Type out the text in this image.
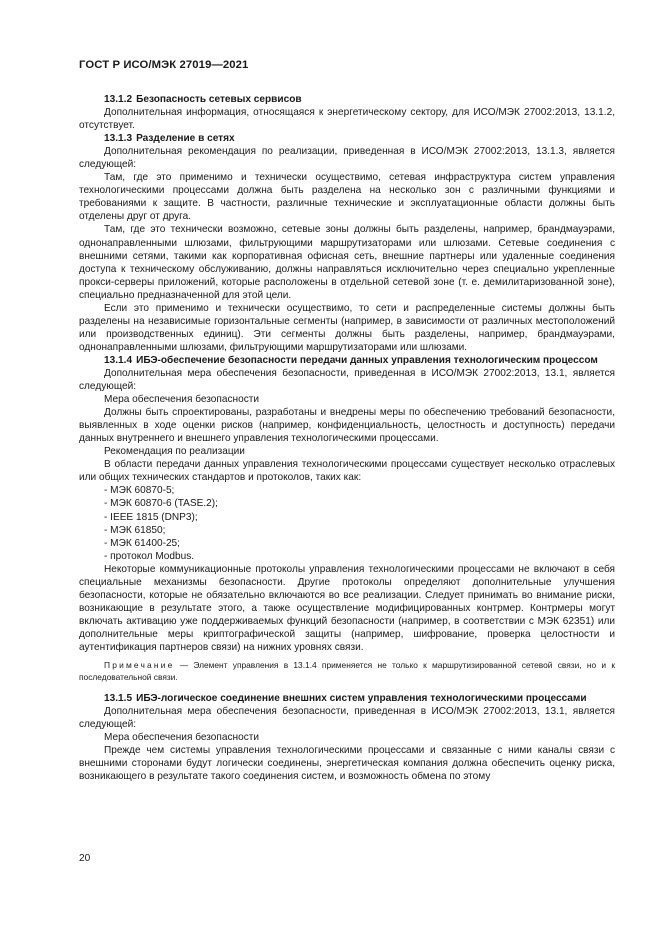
ГОСТ Р ИСО/МЭК 27019—2021

13.1.2 Безопасность сетевых сервисов

Дополнительная информация, относящаяся к энергетическому сектору, для ИСО/МЭК 27002:2013, 13.1.2, отсутствует.

13.1.3 Разделение в сетях

Дополнительная рекомендация по реализации, приведенная в ИСО/МЭК 27002:2013, 13.1.3, является следующей:

Там, где это применимо и технически осуществимо, сетевая инфраструктура систем управления технологическими процессами должна быть разделена на несколько зон с различными функциями и требованиями к защите. В частности, различные технические и эксплуатационные области должны быть отделены друг от друга.

Там, где это технически возможно, сетевые зоны должны быть разделены, например, брандмауэрами, однонаправленными шлюзами, фильтрующими маршрутизаторами или шлюзами. Сетевые соединения с внешними сетями, такими как корпоративная офисная сеть, внешние партнеры или удаленные соединения доступа к техническому обслуживанию, должны направляться исключительно через специально укрепленные прокси-серверы приложений, которые расположены в отдельной сетевой зоне (т. е. демилитаризованной зоне), специально предназначенной для этой цели.

Если это применимо и технически осуществимо, то сети и распределенные системы должны быть разделены на независимые горизонтальные сегменты (например, в зависимости от различных местоположений или производственных единиц). Эти сегменты должны быть разделены, например, брандмауэрами, однонаправленными шлюзами, фильтрующими маршрутизаторами или шлюзами.

13.1.4 ИБЭ-обеспечение безопасности передачи данных управления технологическим процессом

Дополнительная мера обеспечения безопасности, приведенная в ИСО/МЭК 27002:2013, 13.1, является следующей:

Мера обеспечения безопасности

Должны быть спроектированы, разработаны и внедрены меры по обеспечению требований безопасности, выявленных в ходе оценки рисков (например, конфиденциальность, целостность и доступность) передачи данных внутреннего и внешнего управления технологическими процессами.

Рекомендация по реализации

В области передачи данных управления технологическими процессами существует несколько отраслевых или общих технических стандартов и протоколов, таких как:

- МЭК 60870-5;

- МЭК 60870-6 (TASE.2);

- IEEE 1815 (DNP3);

- МЭК 61850;

- МЭК 61400-25;

- протокол Modbus.

Некоторые коммуникационные протоколы управления технологическими процессами не включают в себя специальные механизмы безопасности. Другие протоколы определяют дополнительные улучшения безопасности, которые не обязательно включаются во все реализации. Следует принимать во внимание риски, возникающие в результате этого, а также осуществление модифицированных контрмер. Контрмеры могут включать активацию уже поддерживаемых функций безопасности (например, в соответствии с МЭК 62351) или дополнительные меры криптографической защиты (например, шифрование, проверка целостности и аутентификация партнеров связи) на нижних уровнях связи.

Примечание — Элемент управления в 13.1.4 применяется не только к маршрутизированной сетевой связи, но и к последовательной связи.

13.1.5 ИБЭ-логическое соединение внешних систем управления технологическими процессами

Дополнительная мера обеспечения безопасности, приведенная в ИСО/МЭК 27002:2013, 13.1, является следующей:

Мера обеспечения безопасности

Прежде чем системы управления технологическими процессами и связанные с ними каналы связи с внешними сторонами будут логически соединены, энергетическая компания должна обеспечить оценку риска, возникающего в результате такого соединения систем, и возможность обмена по этому

20
